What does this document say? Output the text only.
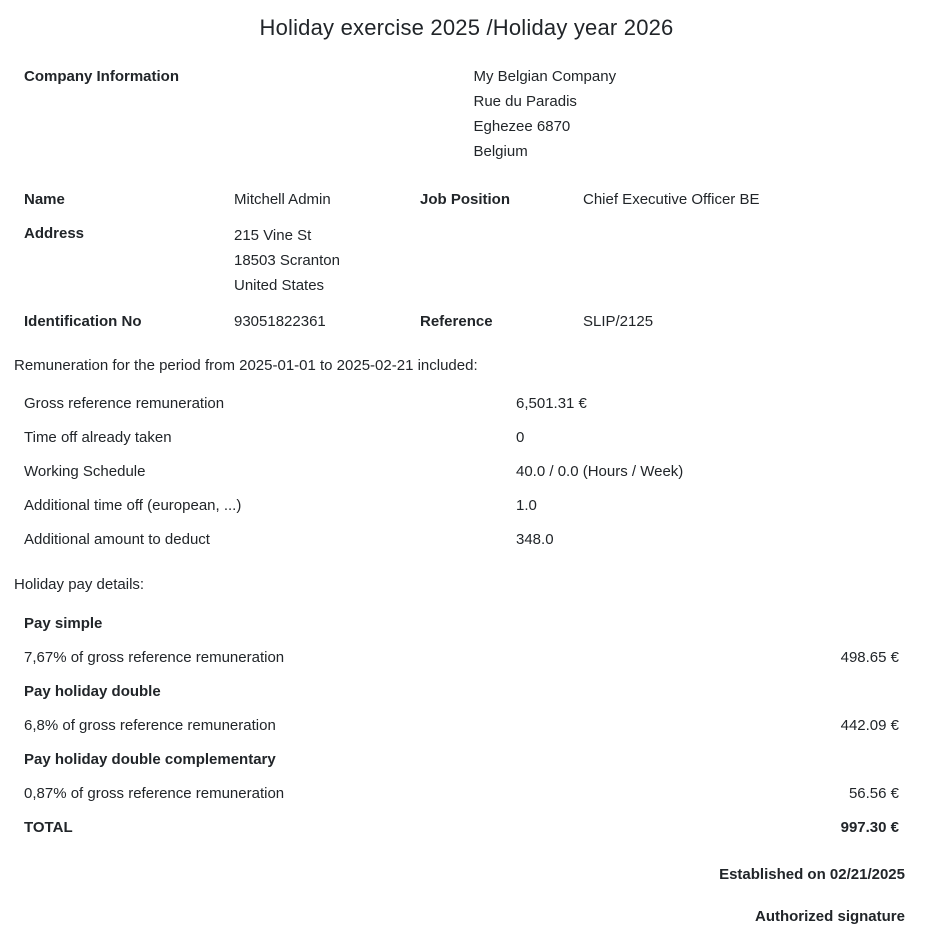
Holiday exercise 2025 /Holiday year 2026
Company Information	My Belgian Company
Rue du Paradis
Eghezee 6870
Belgium
Name	Mitchell Admin	Job Position	Chief Executive Officer BE
Address	215 Vine St
18503 Scranton
United States
Identification No	93051822361	Reference	SLIP/2125
Remuneration for the period from 2025-01-01 to 2025-02-21 included:
Gross reference remuneration	6,501.31 €
Time off already taken	0
Working Schedule	40.0 / 0.0 (Hours / Week)
Additional time off (european, ...)	1.0
Additional amount to deduct	348.0
Holiday pay details:
Pay simple
7,67% of gross reference remuneration	498.65 €
Pay holiday double
6,8% of gross reference remuneration	442.09 €
Pay holiday double complementary
0,87% of gross reference remuneration	56.56 €
TOTAL	997.30 €
Established on 02/21/2025
Authorized signature
